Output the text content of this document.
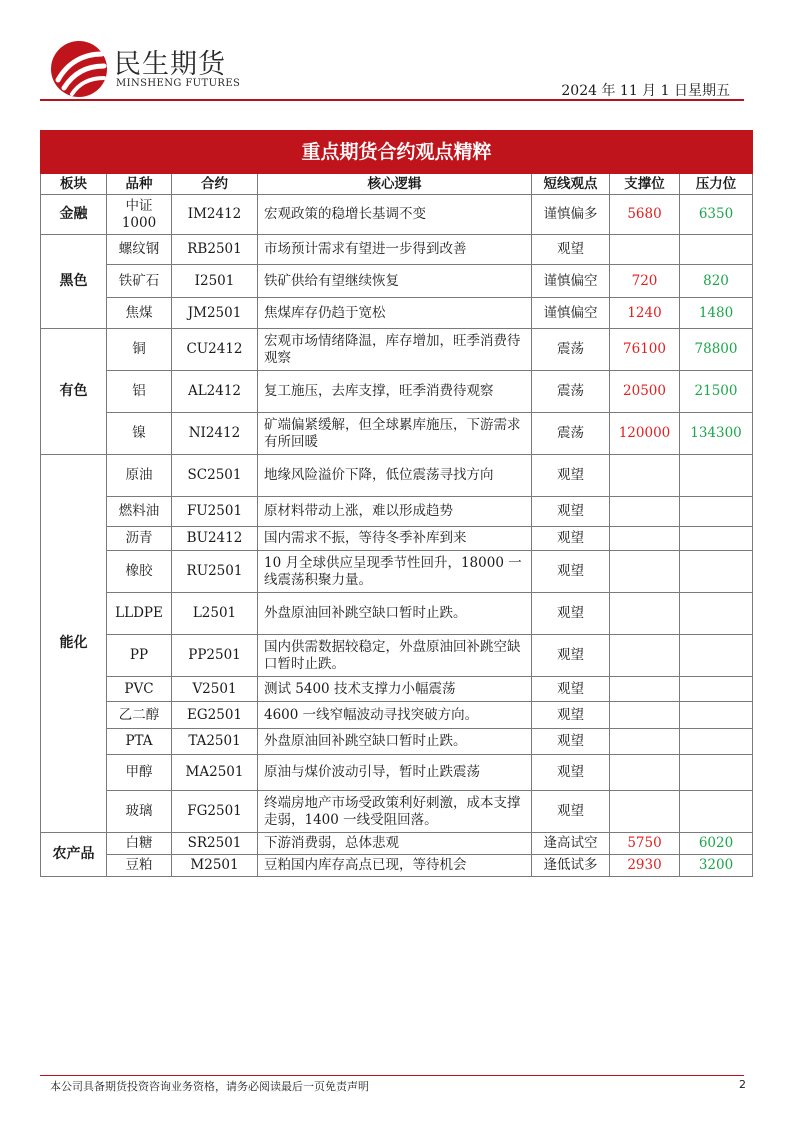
民生期货
MINSHENG FUTURES	2024 年 11 月 1 日星期五
重点期货合约观点精粹						
板块	品种	合约	核心逻辑	短线观点	支撑位	压力位
金融	中证1000	IM2412	宏观政策的稳增长基调不变	谨慎偏多	5680	6350
黑色	螺纹钢	RB2501	市场预计需求有望进一步得到改善	观望		
	铁矿石	I2501	铁矿供给有望继续恢复	谨慎偏空	720	820
	焦煤	JM2501	焦煤库存仍趋于宽松	谨慎偏空	1240	1480
有色	铜	CU2412	宏观市场情绪降温，库存增加，旺季消费待观察	震荡	76100	78800
	铝	AL2412	复工施压，去库支撑，旺季消费待观察	震荡	20500	21500
	镍	NI2412	矿端偏紧缓解，但全球累库施压，下游需求有所回暖	震荡	120000	134300
能化	原油	SC2501	地缘风险溢价下降，低位震荡寻找方向	观望		
	燃料油	FU2501	原材料带动上涨，难以形成趋势	观望		
	沥青	BU2412	国内需求不振，等待冬季补库到来	观望		
	橡胶	RU2501	10 月全球供应呈现季节性回升，18000 一线震荡积聚力量。	观望		
	LLDPE	L2501	外盘原油回补跳空缺口暂时止跌。	观望		
	PP	PP2501	国内供需数据较稳定，外盘原油回补跳空缺口暂时止跌。	观望		
	PVC	V2501	测试 5400 技术支撑力小幅震荡	观望		
	乙二醇	EG2501	4600 一线窄幅波动寻找突破方向。	观望		
	PTA	TA2501	外盘原油回补跳空缺口暂时止跌。	观望		
	甲醇	MA2501	原油与煤价波动引导，暂时止跌震荡	观望		
	玻璃	FG2501	终端房地产市场受政策利好刺激，成本支撑走弱，1400 一线受阻回落。	观望		
农产品	白糖	SR2501	下游消费弱，总体悲观	逢高试空	5750	6020
	豆粕	M2501	豆粕国内库存高点已现，等待机会	逢低试多	2930	3200
本公司具备期货投资咨询业务资格，请务必阅读最后一页免责声明	2
